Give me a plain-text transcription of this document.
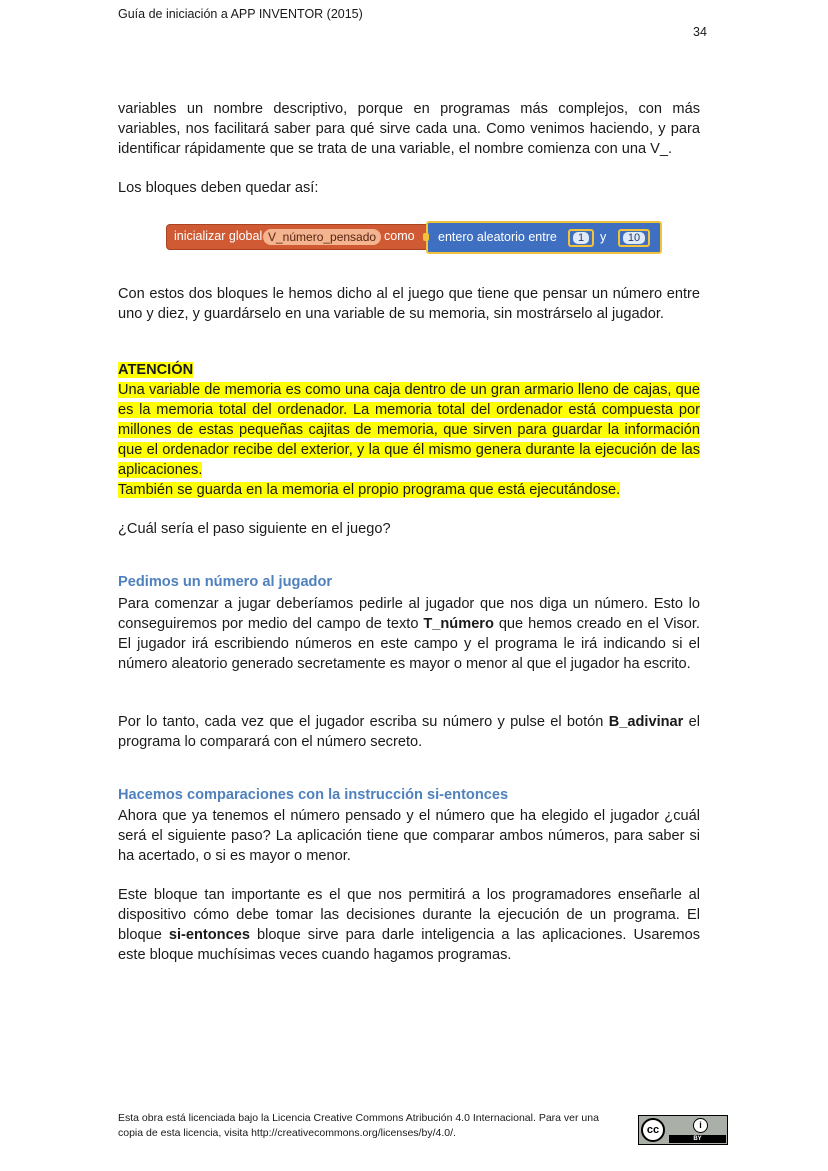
Guía de iniciación a APP INVENTOR (2015)
34
variables un nombre descriptivo, porque en programas más complejos, con más variables, nos facilitará saber para qué sirve cada una. Como venimos haciendo, y para identificar rápidamente que se trata de una variable, el nombre comienza con una V_.
Los bloques deben quedar así:
inicializar global V_número_pensado como entero aleatorio entre	1	y	10
Con estos dos bloques le hemos dicho al el juego que tiene que pensar un número entre uno y diez, y guardárselo en una variable de su memoria, sin mostrárselo al jugador.

ATENCIÓN

Una variable de memoria es como una caja dentro de un gran armario lleno de cajas, que es la memoria total del ordenador. La memoria total del ordenador está compuesta por millones de estas pequeñas cajitas de memoria, que sirven para guardar la información que el ordenador recibe del exterior, y la que él mismo genera durante la ejecución de las aplicaciones.

También se guarda en la memoria el propio programa que está ejecutándose.

¿Cuál sería el paso siguiente en el juego?
Pedimos un número al jugador
Para comenzar a jugar deberíamos pedirle al jugador que nos diga un número. Esto lo conseguiremos por medio del campo de texto T_número que hemos creado en el Visor. El jugador irá escribiendo números en este campo y el programa le irá indicando si el número aleatorio generado secretamente es mayor o menor al que el jugador ha escrito.
Por lo tanto, cada vez que el jugador escriba su número y pulse el botón B_adivinar el programa lo comparará con el número secreto.
Hacemos comparaciones con la instrucción si-entonces
Ahora que ya tenemos el número pensado y el número que ha elegido el jugador ¿cuál será el siguiente paso? La aplicación tiene que comparar ambos números, para saber si ha acertado, o si es mayor o menor.
Este bloque tan importante es el que nos permitirá a los programadores enseñarle al dispositivo cómo debe tomar las decisiones durante la ejecución de un programa. El bloque si-entonces bloque sirve para darle inteligencia a las aplicaciones. Usaremos este bloque muchísimas veces cuando hagamos programas.
Esta obra está licenciada bajo la Licencia Creative Commons Atribución 4.0 Internacional. Para ver una
copia de esta licencia, visita http://creativecommons.org/licenses/by/4.0/.	cc	i
BY
